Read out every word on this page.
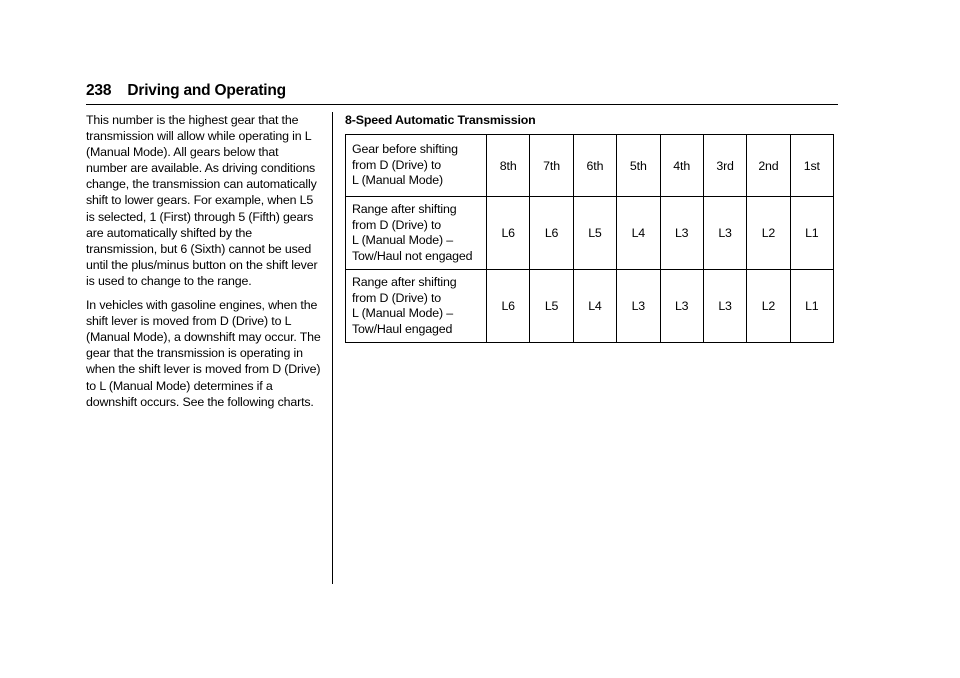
238 Driving and Operating

This number is the highest gear that the transmission will allow while operating in L (Manual Mode). All gears below that number are available. As driving conditions change, the transmission can automatically shift to lower gears. For example, when L5 is selected, 1 (First) through 5 (Fifth) gears are automatically shifted by the transmission, but 6 (Sixth) cannot be used until the plus/minus button on the shift lever is used to change to the range.

In vehicles with gasoline engines, when the shift lever is moved from D (Drive) to L (Manual Mode), a downshift may occur. The gear that the transmission is operating in when the shift lever is moved from D (Drive) to L (Manual Mode) determines if a downshift occurs. See the following charts.

8-Speed Automatic Transmission
Gear before shifting
from D (Drive) to
L (Manual Mode)	8th	7th	6th	5th	4th	3rd	2nd	1st
Range after shifting
from D (Drive) to
L (Manual Mode) –
Tow/Haul not engaged	L6	L6	L5	L4	L3	L3	L2	L1
Range after shifting
from D (Drive) to
L (Manual Mode) –
Tow/Haul engaged	L6	L5	L4	L3	L3	L3	L2	L1
